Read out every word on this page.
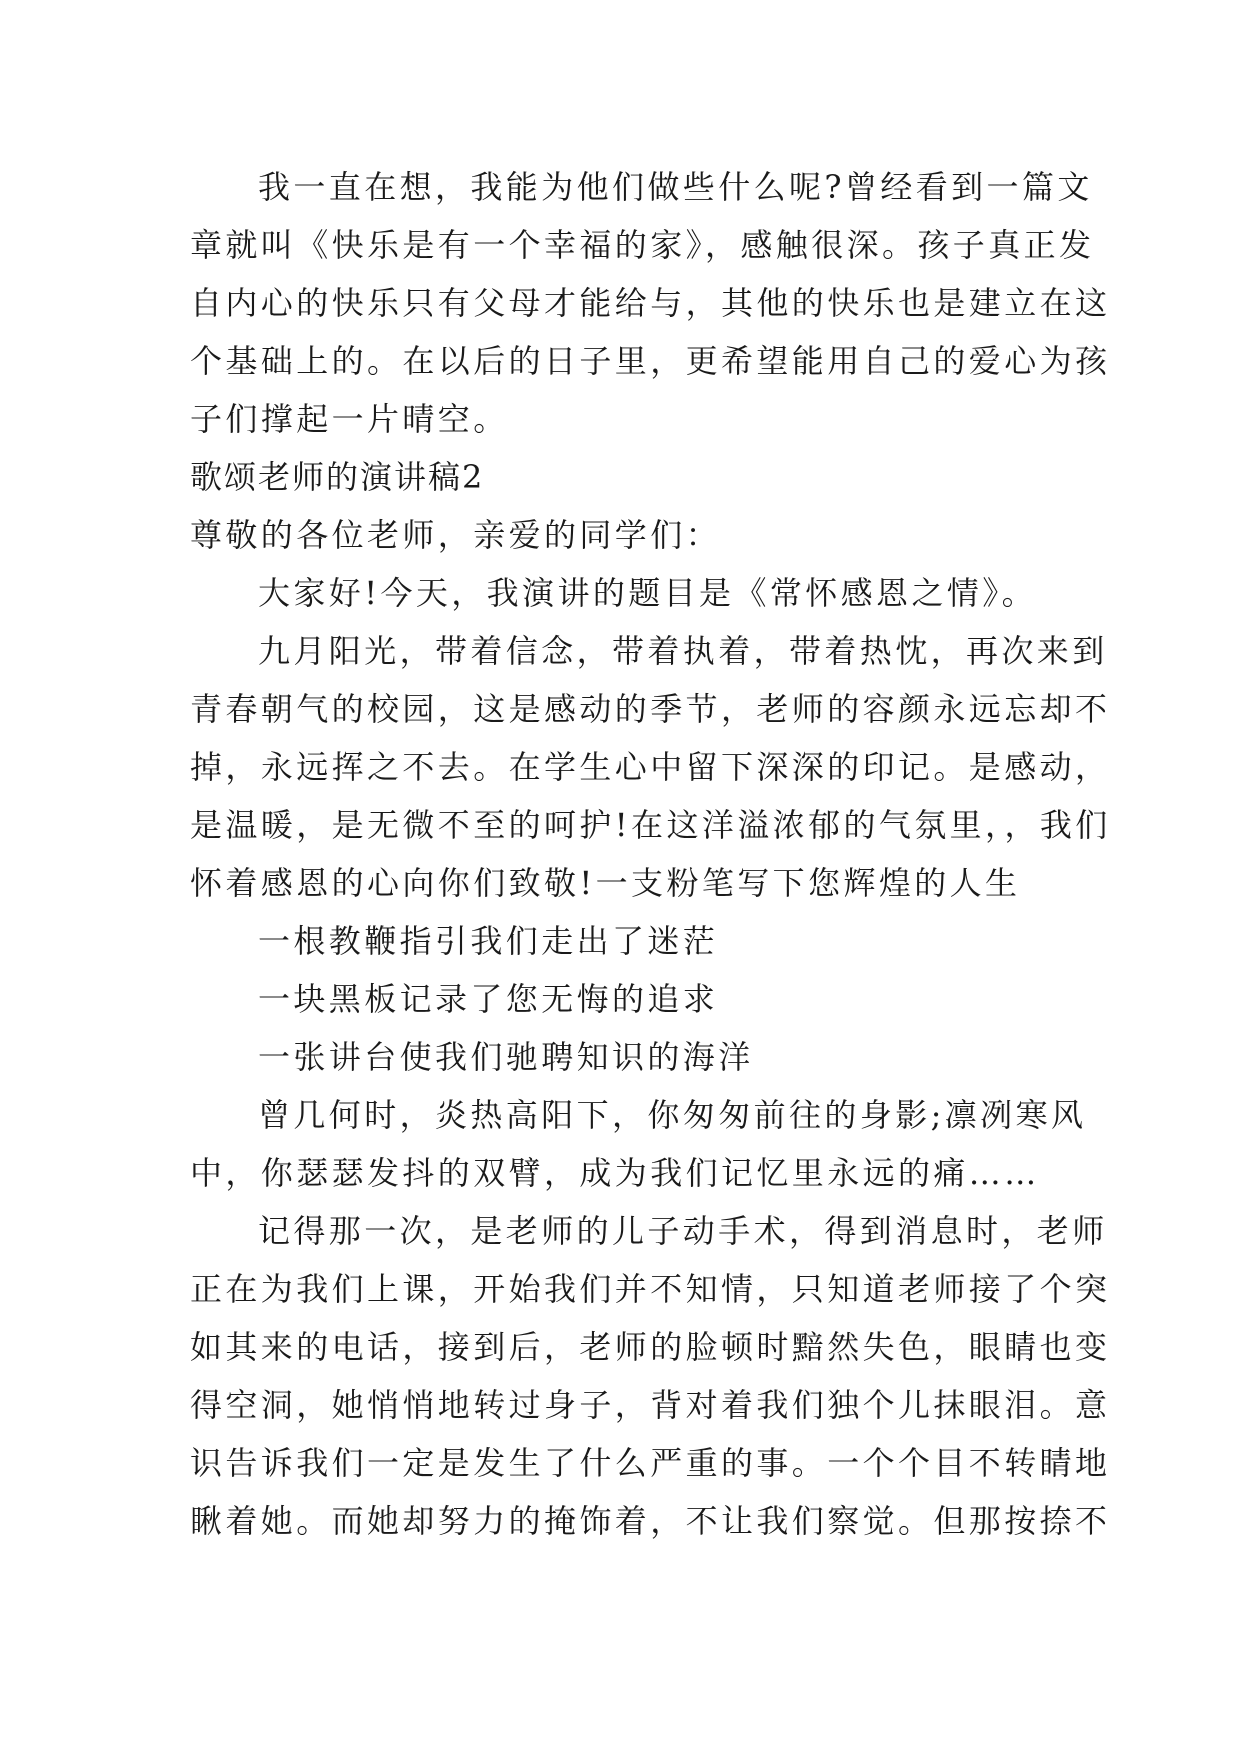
我一直在想，我能为他们做些什么呢?曾经看到一篇文
章就叫《快乐是有一个幸福的家》，感触很深。孩子真正发
自内心的快乐只有父母才能给与，其他的快乐也是建立在这
个基础上的。在以后的日子里，更希望能用自己的爱心为孩
子们撑起一片晴空。
歌颂老师的演讲稿2
尊敬的各位老师，亲爱的同学们：
大家好!今天，我演讲的题目是《常怀感恩之情》。
九月阳光，带着信念，带着执着，带着热忱，再次来到
青春朝气的校园，这是感动的季节，老师的容颜永远忘却不
掉，永远挥之不去。在学生心中留下深深的印记。是感动，
是温暖，是无微不至的呵护!在这洋溢浓郁的气氛里，，我们
怀着感恩的心向你们致敬!一支粉笔写下您辉煌的人生
一根教鞭指引我们走出了迷茫
一块黑板记录了您无悔的追求
一张讲台使我们驰聘知识的海洋
曾几何时，炎热高阳下，你匆匆前往的身影;凛冽寒风
中，你瑟瑟发抖的双臂，成为我们记忆里永远的痛……
记得那一次，是老师的儿子动手术，得到消息时，老师
正在为我们上课，开始我们并不知情，只知道老师接了个突
如其来的电话，接到后，老师的脸顿时黯然失色，眼睛也变
得空洞，她悄悄地转过身子，背对着我们独个儿抹眼泪。意
识告诉我们一定是发生了什么严重的事。一个个目不转睛地
瞅着她。而她却努力的掩饰着，不让我们察觉。但那按捺不
